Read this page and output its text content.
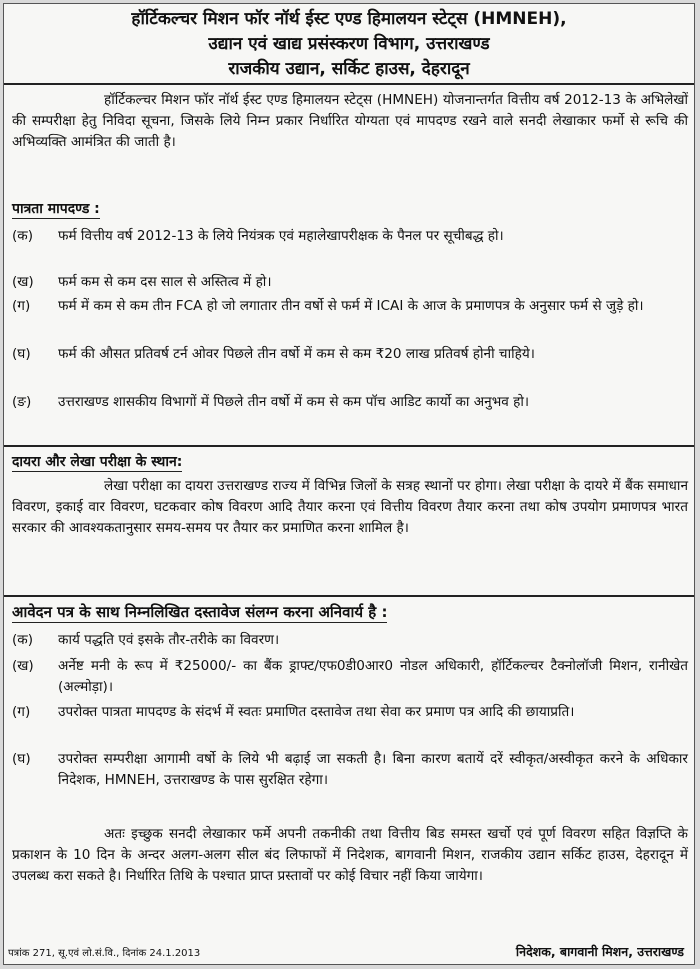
हॉर्टिकल्चर मिशन फॉर नॉर्थ ईस्ट एण्ड हिमालयन स्टेट्स (HMNEH),
उद्यान एवं खाद्य प्रसंस्करण विभाग, उत्तराखण्ड
राजकीय उद्यान, सर्किट हाउस, देहरादून

हॉर्टिकल्चर मिशन फॉर नॉर्थ ईस्ट एण्ड हिमालयन स्टेट्स (HMNEH) योजनान्तर्गत वित्तीय वर्ष 2012-13 के अभिलेखों की सम्परीक्षा हेतु निविदा सूचना, जिसके लिये निम्न प्रकार निर्धारित योग्यता एवं मापदण्ड रखने वाले सनदी लेखाकार फर्मो से रूचि की अभिव्यक्ति आमंत्रित की जाती है।

पात्रता मापदण्ड :
(क)	फर्म वित्तीय वर्ष 2012-13 के लिये नियंत्रक एवं महालेखापरीक्षक के पैनल पर सूचीबद्ध हो।
(ख)	फर्म कम से कम दस साल से अस्तित्व में हो।
(ग)	फर्म में कम से कम तीन FCA हो जो लगातार तीन वर्षो से फर्म में ICAI के आज के प्रमाणपत्र के अनुसार फर्म से जुड़े हो।
(घ)	फर्म की औसत प्रतिवर्ष टर्न ओवर पिछले तीन वर्षो में कम से कम ₹20 लाख प्रतिवर्ष होनी चाहिये।
(ङ)	उत्तराखण्ड शासकीय विभागों में पिछले तीन वर्षो में कम से कम पॉच आडिट कार्यो का अनुभव हो।
दायरा और लेखा परीक्षा के स्थान:

लेखा परीक्षा का दायरा उत्तराखण्ड राज्य में विभिन्न जिलों के सत्रह स्थानों पर होगा। लेखा परीक्षा के दायरे में बैंक समाधान विवरण, इकाई वार विवरण, घटकवार कोष विवरण आदि तैयार करना एवं वित्तीय विवरण तैयार करना तथा कोष उपयोग प्रमाणपत्र भारत सरकार की आवश्यकतानुसार समय-समय पर तैयार कर प्रमाणित करना शामिल है।

आवेदन पत्र के साथ निम्नलिखित दस्तावेज संलग्न करना अनिवार्य है :
(क)	कार्य पद्धति एवं इसके तौर-तरीके का विवरण।
(ख)	अर्नेष्ट मनी के रूप में ₹25000/- का बैंक ड्राफ्ट/एफ0डी0आर0 नोडल अधिकारी, हॉर्टिकल्चर टैक्नोलॉजी मिशन, रानीखेत (अल्मोड़ा)।
(ग)	उपरोक्त पात्रता मापदण्ड के संदर्भ में स्वतः प्रमाणित दस्तावेज तथा सेवा कर प्रमाण पत्र आदि की छायाप्रति।
(घ)	उपरोक्त सम्परीक्षा आगामी वर्षो के लिये भी बढ़ाई जा सकती है। बिना कारण बतायें दरें स्वीकृत/अस्वीकृत करने के अधिकार निदेशक, HMNEH, उत्तराखण्ड के पास सुरक्षित रहेगा।

अतः इच्छुक सनदी लेखाकार फर्मे अपनी तकनीकी तथा वित्तीय बिड समस्त खर्चो एवं पूर्ण विवरण सहित विज्ञप्ति के प्रकाशन के 10 दिन के अन्दर अलग-अलग सील बंद लिफाफों में निदेशक, बागवानी मिशन, राजकीय उद्यान सर्किट हाउस, देहरादून में उपलब्ध करा सकते है। निर्धारित तिथि के पश्चात प्राप्त प्रस्तावों पर कोई विचार नहीं किया जायेगा।

पत्रांक 271, सू.एवं लो.सं.वि., दिनांक 24.1.2013	निदेशक, बागवानी मिशन, उत्तराखण्ड
